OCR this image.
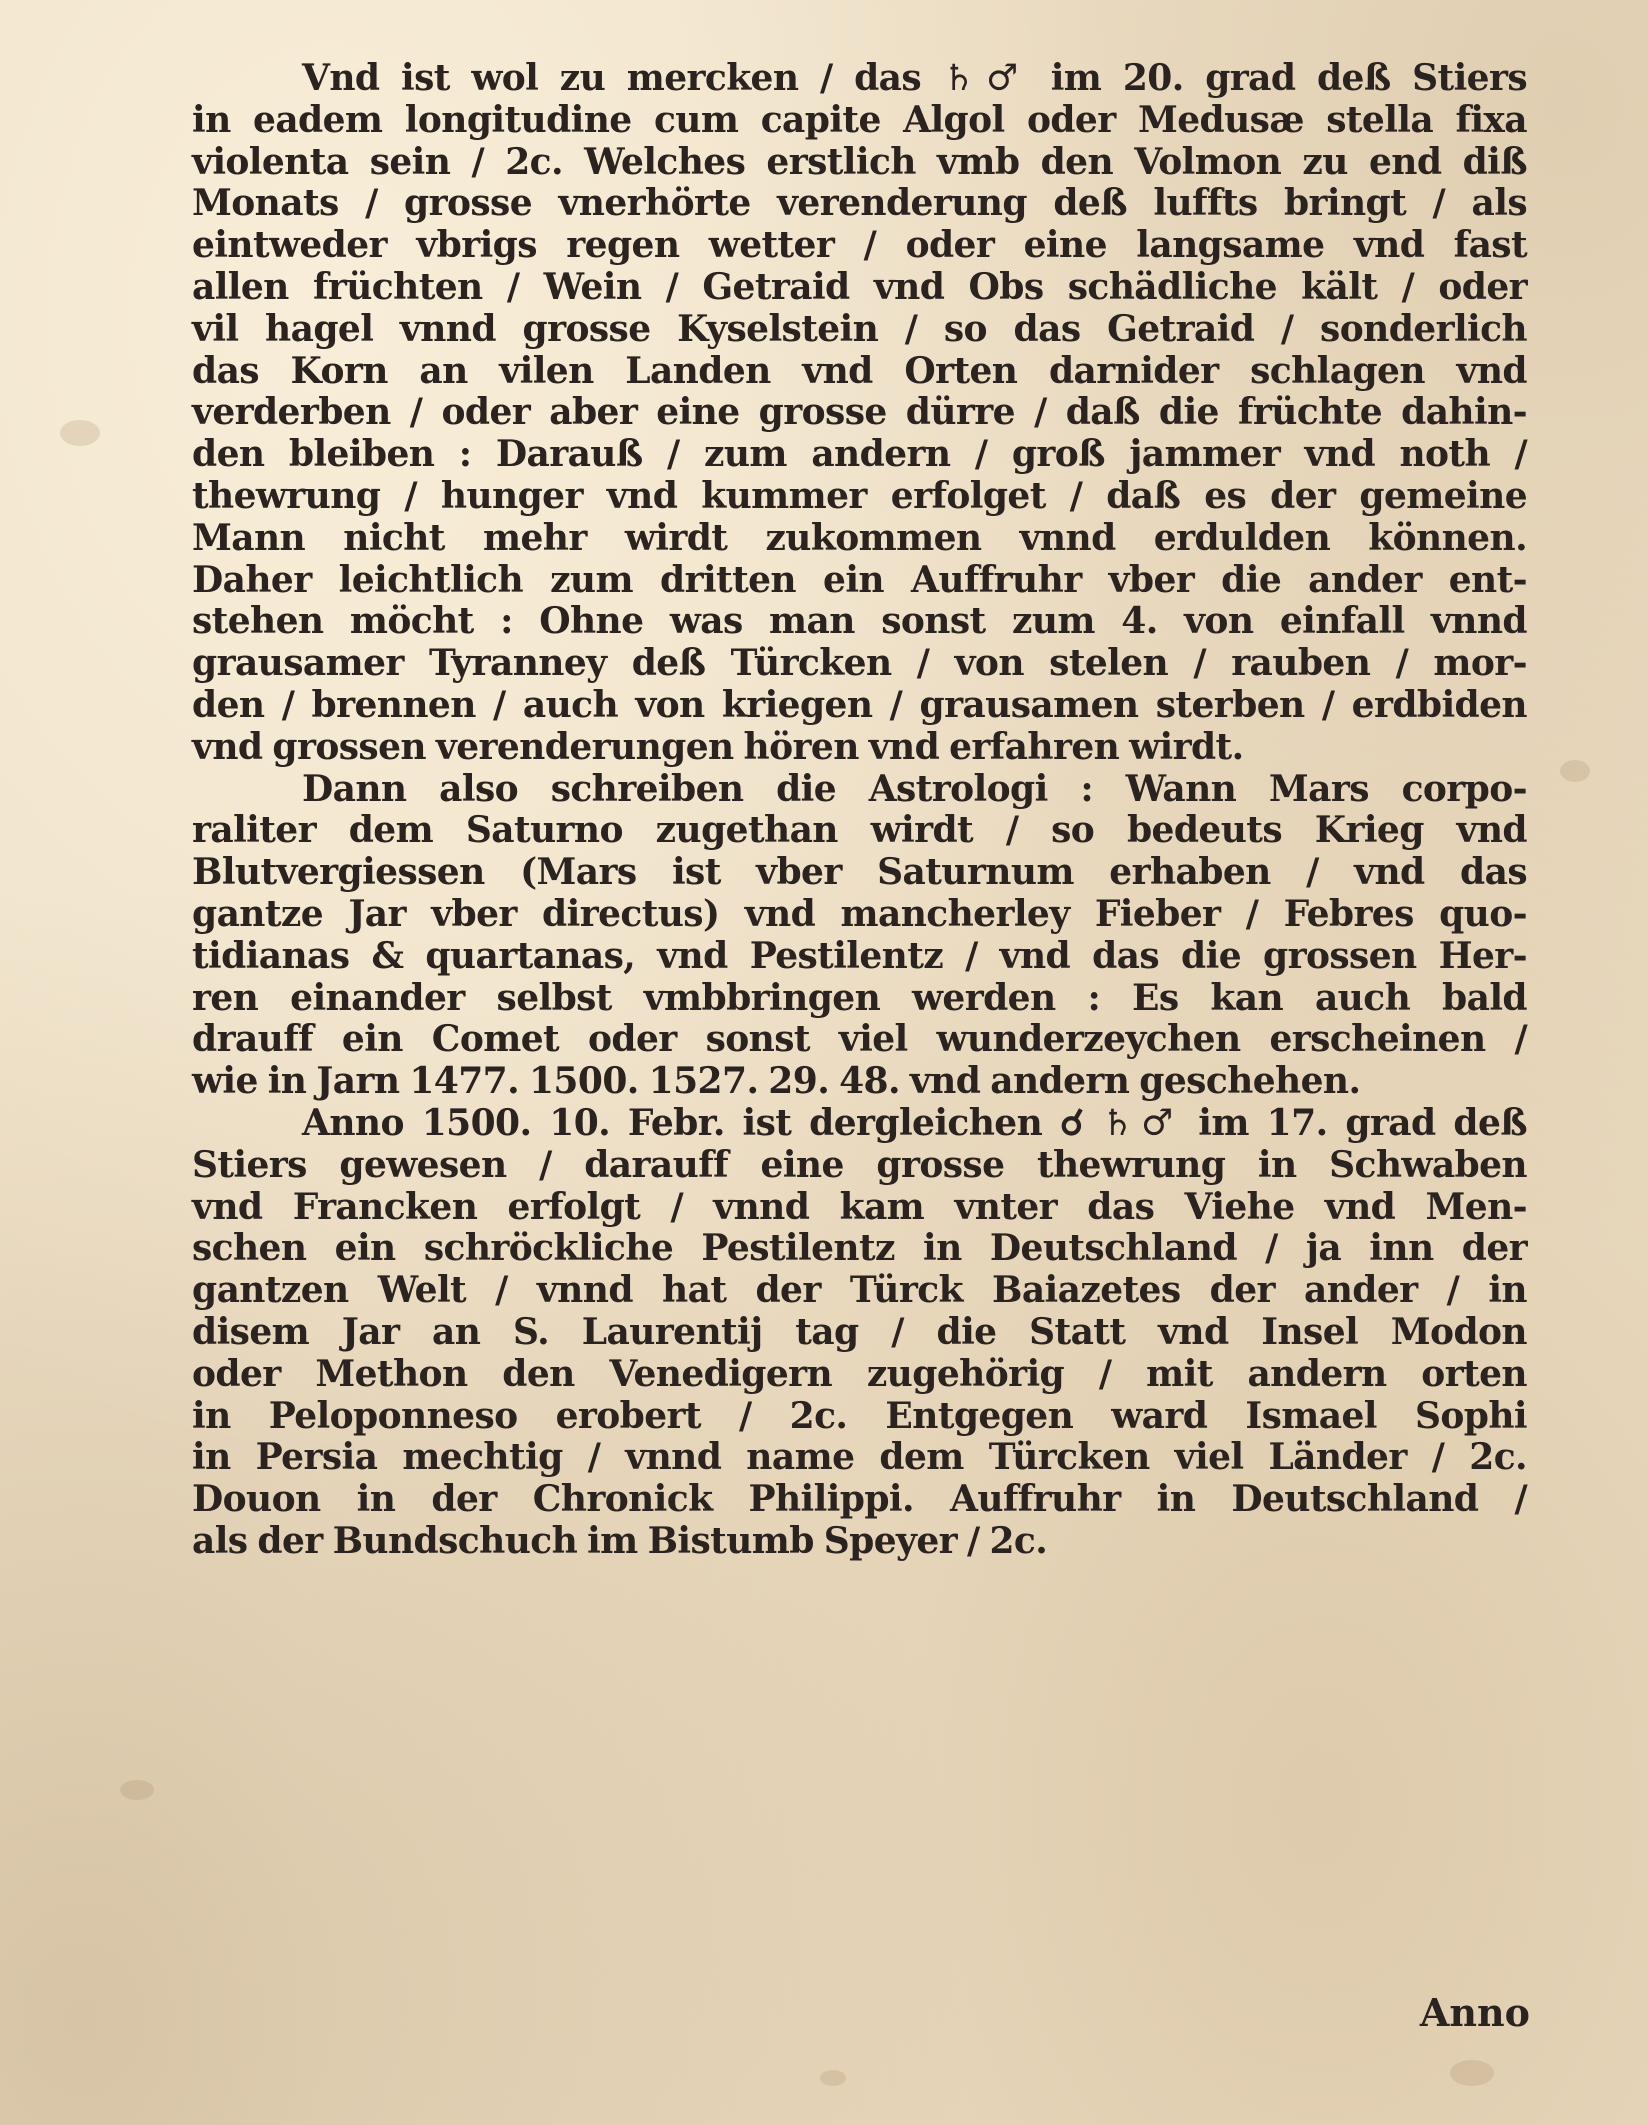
Vnd ist wol zu mercken / das ♄♂ im 20. grad deß Stiers
in eadem longitudine cum capite Algol oder Medusæ stella fixa
violenta sein / 2c. Welches erstlich vmb den Volmon zu end diß
Monats / grosse vnerhörte verenderung deß luffts bringt / als
eintweder vbrigs regen wetter / oder eine langsame vnd fast
allen früchten / Wein / Getraid vnd Obs schädliche kält / oder
vil hagel vnnd grosse Kyselstein / so das Getraid / sonderlich
das Korn an vilen Landen vnd Orten darnider schlagen vnd
verderben / oder aber eine grosse dürre / daß die früchte dahin-
den bleiben : Darauß / zum andern / groß jammer vnd noth /
thewrung / hunger vnd kummer erfolget / daß es der gemeine
Mann nicht mehr wirdt zukommen vnnd erdulden können.
Daher leichtlich zum dritten ein Auffruhr vber die ander ent-
stehen möcht : Ohne was man sonst zum 4. von einfall vnnd
grausamer Tyranney deß Türcken / von stelen / rauben / mor-
den / brennen / auch von kriegen / grausamen sterben / erdbiden
vnd grossen verenderungen hören vnd erfahren wirdt.
Dann also schreiben die Astrologi : Wann Mars corpo-
raliter dem Saturno zugethan wirdt / so bedeuts Krieg vnd
Blutvergiessen (Mars ist vber Saturnum erhaben / vnd das
gantze Jar vber directus) vnd mancherley Fieber / Febres quo-
tidianas & quartanas, vnd Pestilentz / vnd das die grossen Her-
ren einander selbst vmbbringen werden : Es kan auch bald
drauff ein Comet oder sonst viel wunderzeychen erscheinen /
wie in Jarn 1477. 1500. 1527. 29. 48. vnd andern geschehen.
Anno 1500. 10. Febr. ist dergleichen ☌ ♄♂ im 17. grad deß
Stiers gewesen / darauff eine grosse thewrung in Schwaben
vnd Francken erfolgt / vnnd kam vnter das Viehe vnd Men-
schen ein schröckliche Pestilentz in Deutschland / ja inn der
gantzen Welt / vnnd hat der Türck Baiazetes der ander / in
disem Jar an S. Laurentij tag / die Statt vnd Insel Modon
oder Methon den Venedigern zugehörig / mit andern orten
in Peloponneso erobert / 2c. Entgegen ward Ismael Sophi
in Persia mechtig / vnnd name dem Türcken viel Länder / 2c.
Douon in der Chronick Philippi. Auffruhr in Deutschland /
als der Bundschuch im Bistumb Speyer / 2c.
Anno
